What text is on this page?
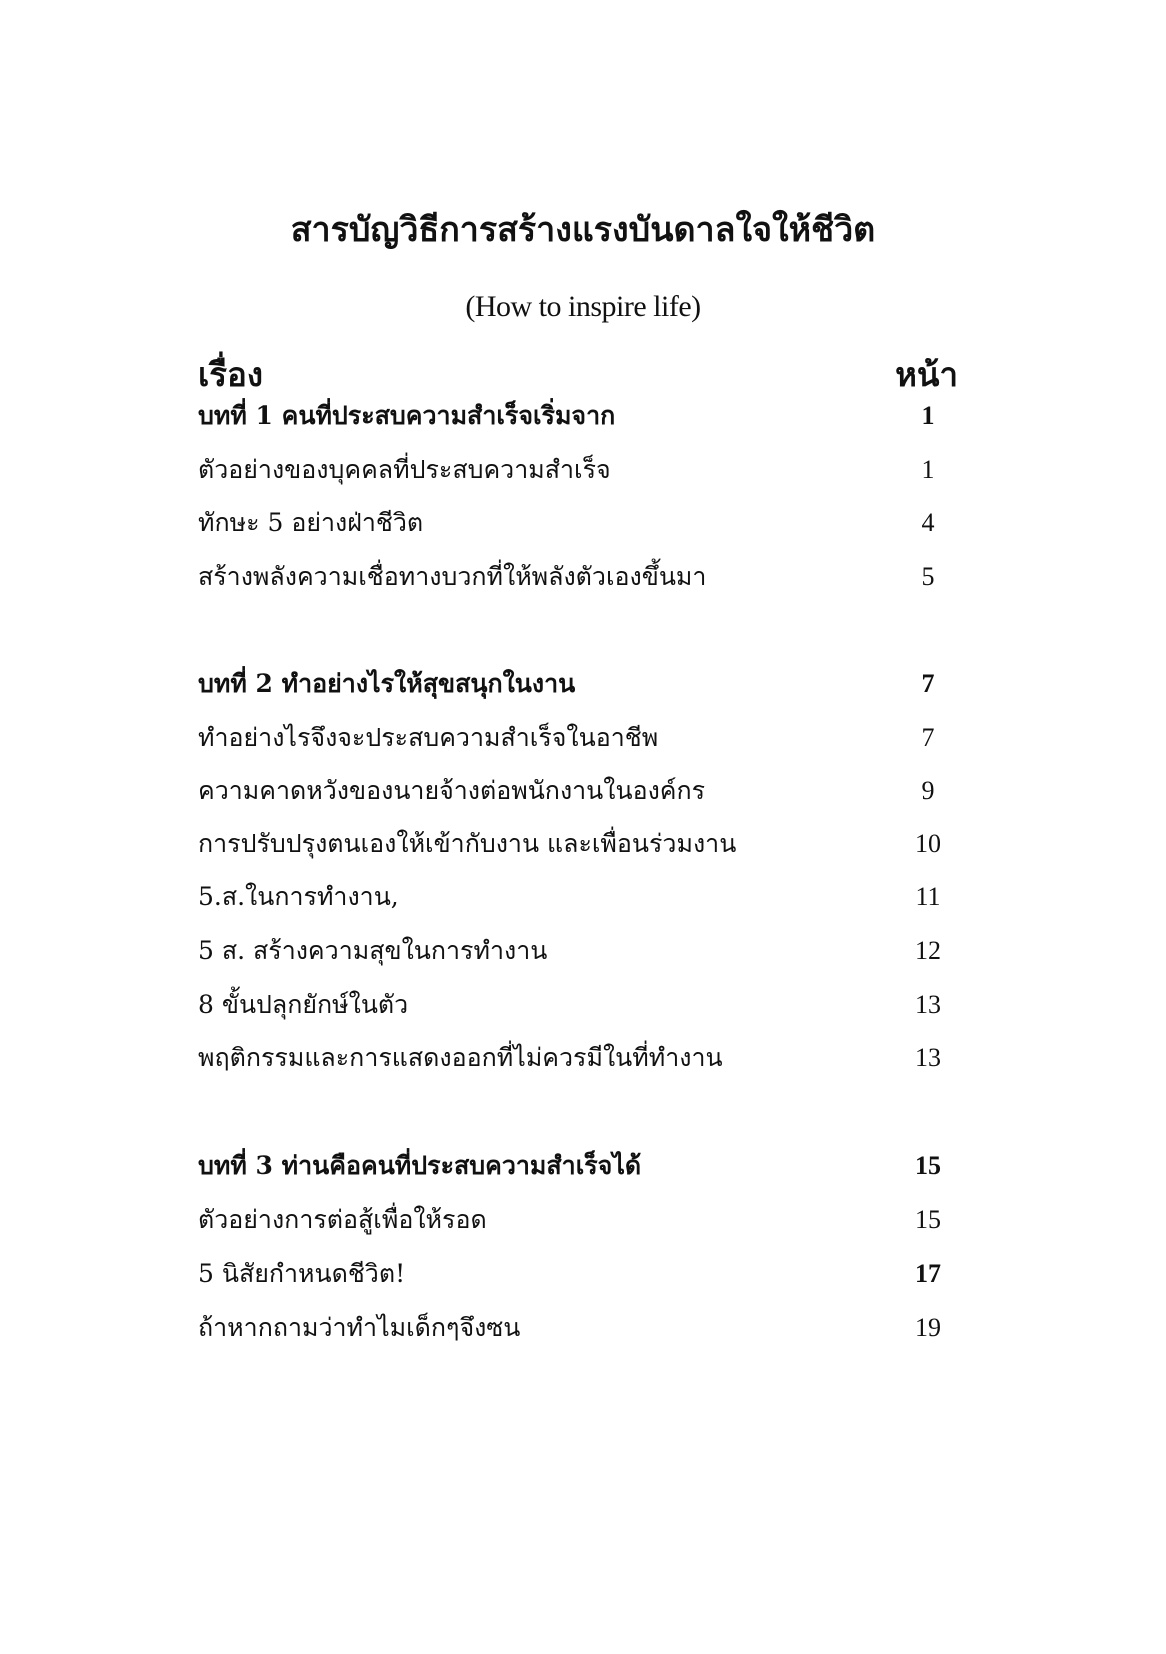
สารบัญวิธีการสร้างแรงบันดาลใจให้ชีวิต
(How to inspire life)
เรื่อง	หน้า
บทที่ 1 คนที่ประสบความสำเร็จเริ่มจาก	1
ตัวอย่างของบุคคลที่ประสบความสำเร็จ	1
ทักษะ 5 อย่างฝ่าชีวิต	4
สร้างพลังความเชื่อทางบวกที่ให้พลังตัวเองขึ้นมา	5
บทที่ 2 ทำอย่างไรให้สุขสนุกในงาน	7
ทำอย่างไรจึงจะประสบความสำเร็จในอาชีพ	7
ความคาดหวังของนายจ้างต่อพนักงานในองค์กร	9
การปรับปรุงตนเองให้เข้ากับงาน และเพื่อนร่วมงาน	10
5.ส.ในการทำงาน,	11
5 ส. สร้างความสุขในการทำงาน	12
8 ขั้นปลุกยักษ์ในตัว	13
พฤติกรรมและการแสดงออกที่ไม่ควรมีในที่ทำงาน	13
บทที่ 3 ท่านคือคนที่ประสบความสำเร็จได้	15
ตัวอย่างการต่อสู้เพื่อให้รอด	15
5 นิสัยกำหนดชีวิต!	17
ถ้าหากถามว่าทำไมเด็กๆจึงซน	19
